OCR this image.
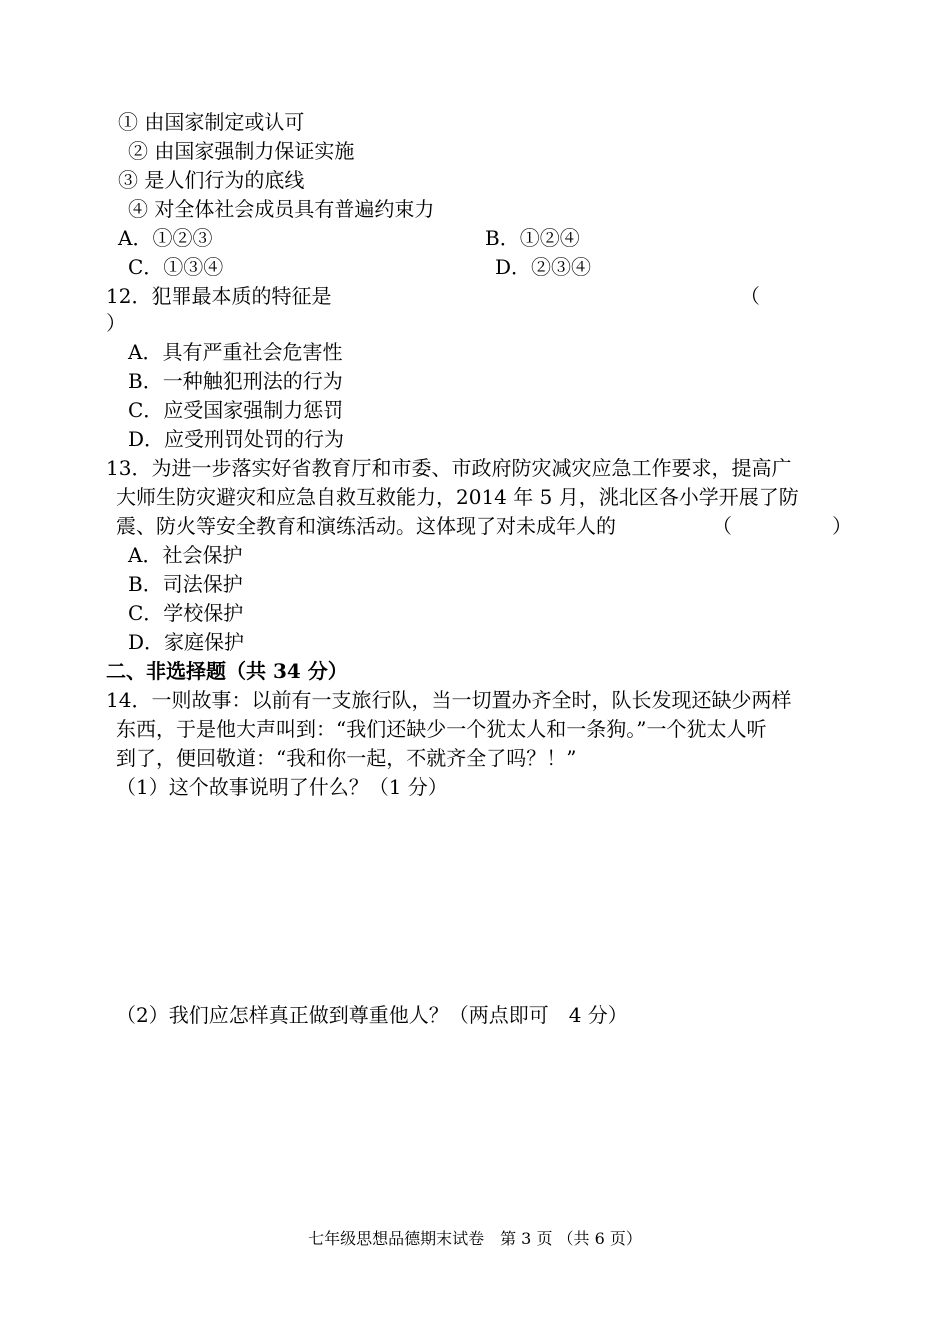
① 由国家制定或认可
② 由国家强制力保证实施
③ 是人们行为的底线
④ 对全体社会成员具有普遍约束力
A．①②③	B．①②④
C．①③④	D．②③④
12．犯罪最本质的特征是	（
）
A．具有严重社会危害性
B．一种触犯刑法的行为
C．应受国家强制力惩罚
D．应受刑罚处罚的行为
13．为进一步落实好省教育厅和市委、市政府防灾减灾应急工作要求，提高广
大师生防灾避灾和应急自救互救能力，2014 年 5 月，洮北区各小学开展了防
震、防火等安全教育和演练活动。这体现了对未成年人的	（　　　　　）
A．社会保护
B．司法保护
C．学校保护
D．家庭保护
二、非选择题（共 34 分）
14．一则故事：以前有一支旅行队，当一切置办齐全时，队长发现还缺少两样
东西，于是他大声叫到：“我们还缺少一个犹太人和一条狗。”一个犹太人听
到了，便回敬道：“我和你一起，不就齐全了吗？！”
（1）这个故事说明了什么？（1 分）
（2）我们应怎样真正做到尊重他人？（两点即可　4 分）
七年级思想品德期末试卷　第 3 页 （共 6 页）
